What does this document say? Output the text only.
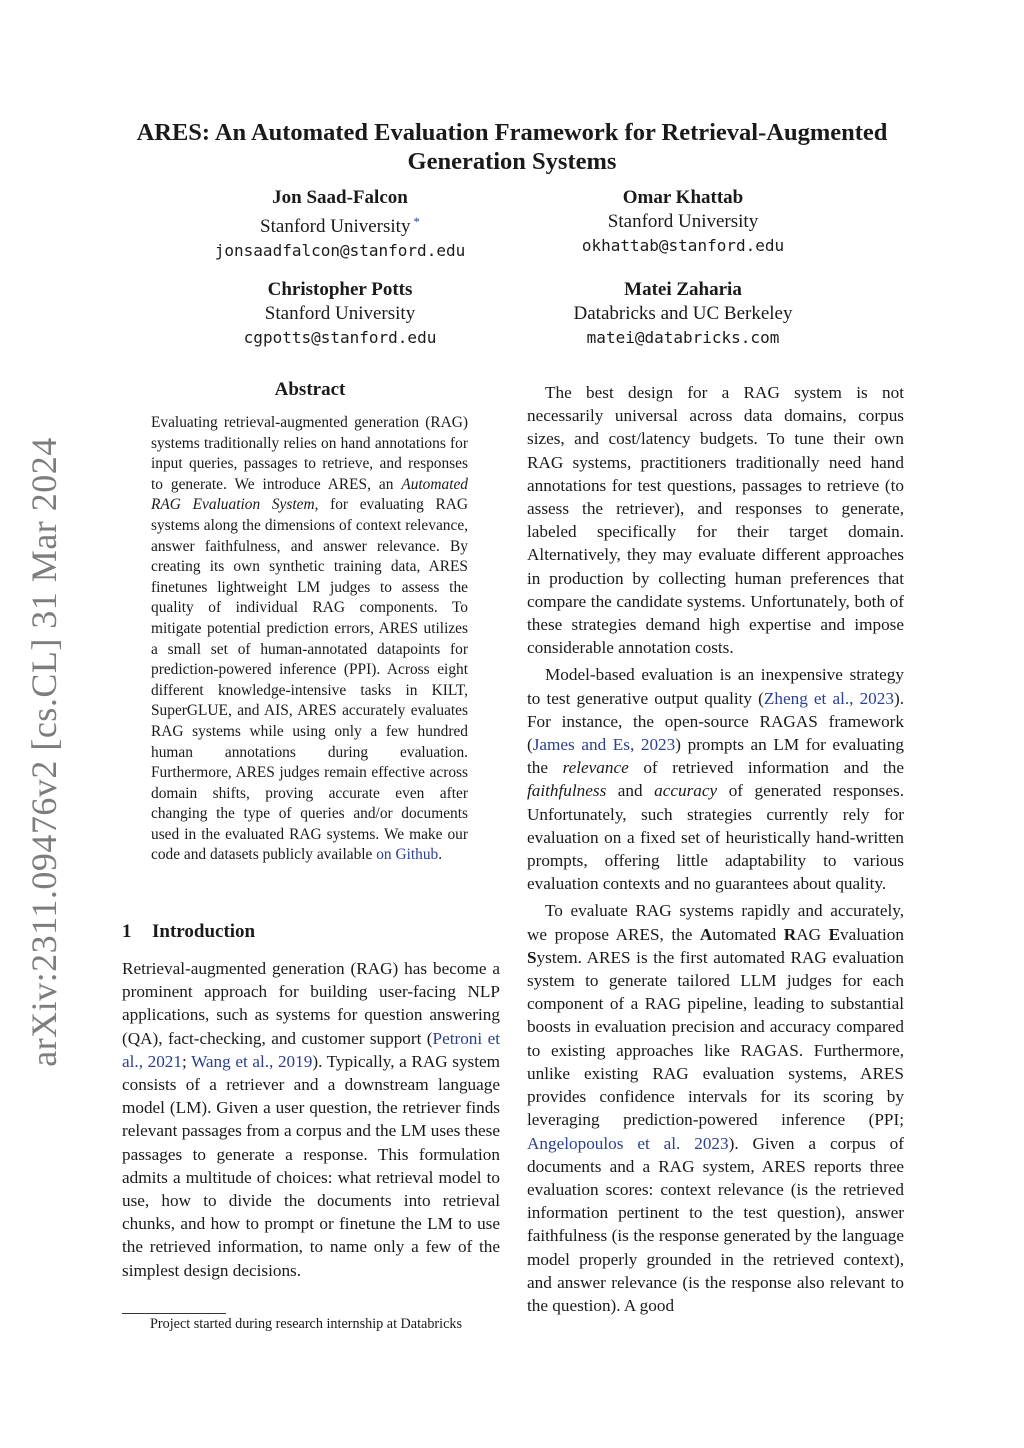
arXiv:2311.09476v2 [cs.CL] 31 Mar 2024
ARES: An Automated Evaluation Framework for Retrieval-Augmented Generation Systems
Jon Saad-Falcon
Stanford University *
jonsaadfalcon@stanford.edu
Omar Khattab
Stanford University
okhattab@stanford.edu
Christopher Potts
Stanford University
cgpotts@stanford.edu
Matei Zaharia
Databricks and UC Berkeley
matei@databricks.com
Abstract
Evaluating retrieval-augmented generation (RAG) systems traditionally relies on hand annotations for input queries, passages to retrieve, and responses to generate. We introduce ARES, an Automated RAG Evaluation System, for evaluating RAG systems along the dimensions of context relevance, answer faithfulness, and answer relevance. By creating its own synthetic training data, ARES finetunes lightweight LM judges to assess the quality of individual RAG components. To mitigate potential prediction errors, ARES utilizes a small set of human-annotated datapoints for prediction-powered inference (PPI). Across eight different knowledge-intensive tasks in KILT, SuperGLUE, and AIS, ARES accurately evaluates RAG systems while using only a few hundred human annotations during evaluation. Furthermore, ARES judges remain effective across domain shifts, proving accurate even after changing the type of queries and/or documents used in the evaluated RAG systems. We make our code and datasets publicly available on Github.
1 Introduction
Retrieval-augmented generation (RAG) has become a prominent approach for building user-facing NLP applications, such as systems for question answering (QA), fact-checking, and customer support (Petroni et al., 2021; Wang et al., 2019). Typically, a RAG system consists of a retriever and a downstream language model (LM). Given a user question, the retriever finds relevant passages from a corpus and the LM uses these passages to generate a response. This formulation admits a multitude of choices: what retrieval model to use, how to divide the documents into retrieval chunks, and how to prompt or finetune the LM to use the retrieved information, to name only a few of the simplest design decisions.

The best design for a RAG system is not necessarily universal across data domains, corpus sizes, and cost/latency budgets. To tune their own RAG systems, practitioners traditionally need hand annotations for test questions, passages to retrieve (to assess the retriever), and responses to generate, labeled specifically for their target domain. Alternatively, they may evaluate different approaches in production by collecting human preferences that compare the candidate systems. Unfortunately, both of these strategies demand high expertise and impose considerable annotation costs.

Model-based evaluation is an inexpensive strategy to test generative output quality (Zheng et al., 2023). For instance, the open-source RAGAS framework (James and Es, 2023) prompts an LM for evaluating the relevance of retrieved information and the faithfulness and accuracy of generated responses. Unfortunately, such strategies currently rely for evaluation on a fixed set of heuristically hand-written prompts, offering little adaptability to various evaluation contexts and no guarantees about quality.

To evaluate RAG systems rapidly and accurately, we propose ARES, the Automated RAG Evaluation System. ARES is the first automated RAG evaluation system to generate tailored LLM judges for each component of a RAG pipeline, leading to substantial boosts in evaluation precision and accuracy compared to existing approaches like RAGAS. Furthermore, unlike existing RAG evaluation systems, ARES provides confidence intervals for its scoring by leveraging prediction-powered inference (PPI; Angelopoulos et al. 2023). Given a corpus of documents and a RAG system, ARES reports three evaluation scores: context relevance (is the retrieved information pertinent to the test question), answer faithfulness (is the response generated by the language model properly grounded in the retrieved context), and answer relevance (is the response also relevant to the question). A good

Project started during research internship at Databricks
